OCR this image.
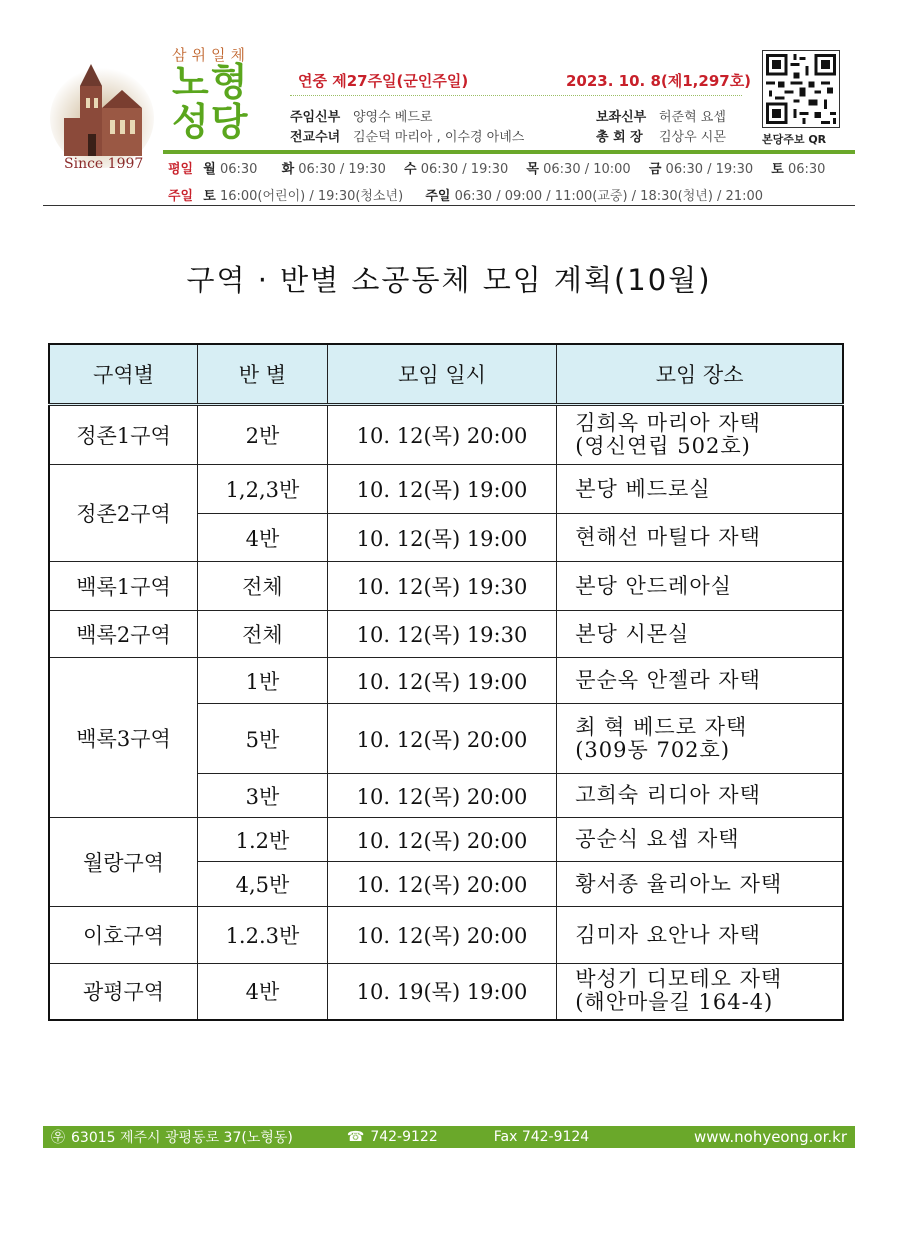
Since 1997
삼위일체
노형
성당
연중 제27주일(군인주일)	2023. 10. 8(제1,297호)
주임신부 양영수 베드로
전교수녀 김순덕 마리아 , 이수경 아녜스
보좌신부 허준혁 요셉
총 회 장 김상우 시몬	본당주보 QR
평일 월 06:30 화 06:30 / 19:30 수 06:30 / 19:30 목 06:30 / 10:00 금 06:30 / 19:30 토 06:30
주일 토 16:00(어린이) / 19:30(청소년) 주일 06:30 / 09:00 / 11:00(교중) / 18:30(청년) / 21:00
구역 · 반별 소공동체 모임 계획(10월)
구역별	반 별	모임 일시	모임 장소
정존1구역	2반	10. 12(목) 20:00	김희옥 마리아 자택
(영신연립 502호)

정존2구역	1,2,3반	10. 12(목) 19:00	본당 베드로실
	4반	10. 12(목) 19:00	현해선 마틸다 자택
백록1구역	전체	10. 12(목) 19:30	본당 안드레아실
백록2구역	전체	10. 12(목) 19:30	본당 시몬실
백록3구역	1반	10. 12(목) 19:00	문순옥 안젤라 자택
	5반	10. 12(목) 20:00	최 혁 베드로 자택
(309동 702호)

	3반	10. 12(목) 20:00	고희숙 리디아 자택
월랑구역	1.2반	10. 12(목) 20:00	공순식 요셉 자택
	4,5반	10. 12(목) 20:00	황서종 율리아노 자택
이호구역	1.2.3반	10. 12(목) 20:00	김미자 요안나 자택
광평구역	4반	10. 19(목) 19:00	박성기 디모테오 자택
(해안마을길 164-4)
㉾ 63015 제주시 광평동로 37(노형동)	☎ 742-9122	Fax 742-9124	www.nohyeong.or.kr
